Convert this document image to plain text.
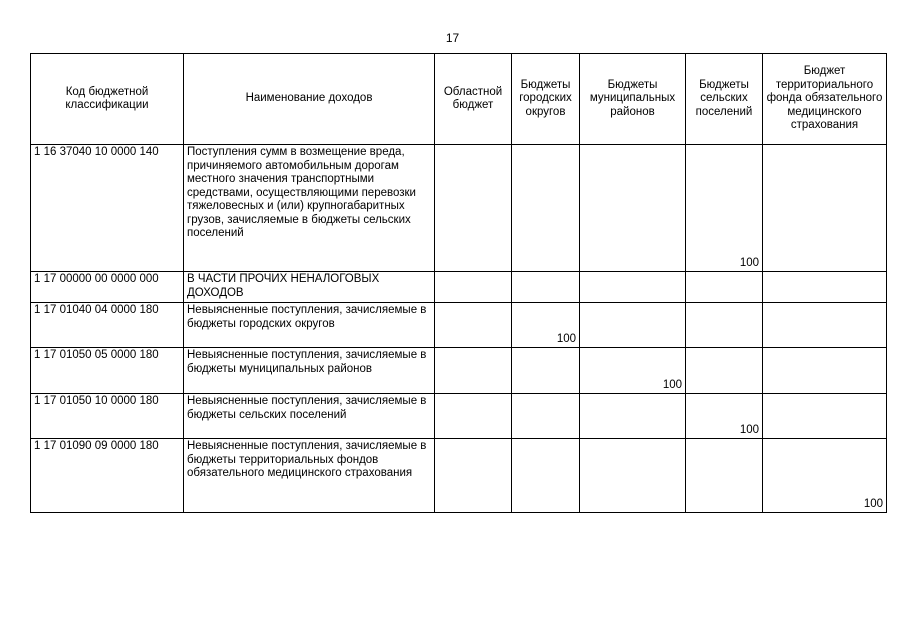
17
Код бюджетной классификации	Наименование доходов	Областной бюджет	Бюджеты городских округов	Бюджеты муниципальных районов	Бюджеты сельских поселений	Бюджет территориального фонда обязательного медицинского страхования
1 16 37040 10 0000 140	Поступления сумм в возмещение вреда, причиняемого автомобильным дорогам местного значения транспортными средствами, осуществляющими перевозки тяжеловесных и (или) крупногабаритных грузов, зачисляемые в бюджеты сельских поселений				100	
1 17 00000 00 0000 000	В ЧАСТИ ПРОЧИХ НЕНАЛОГОВЫХ ДОХОДОВ					
1 17 01040 04 0000 180	Невыясненные поступления, зачисляемые в бюджеты городских округов		100			
1 17 01050 05 0000 180	Невыясненные поступления, зачисляемые в бюджеты муниципальных районов			100		
1 17 01050 10 0000 180	Невыясненные поступления, зачисляемые в бюджеты сельских поселений				100	
1 17 01090 09 0000 180	Невыясненные поступления, зачисляемые в бюджеты территориальных фондов обязательного медицинского страхования					100
